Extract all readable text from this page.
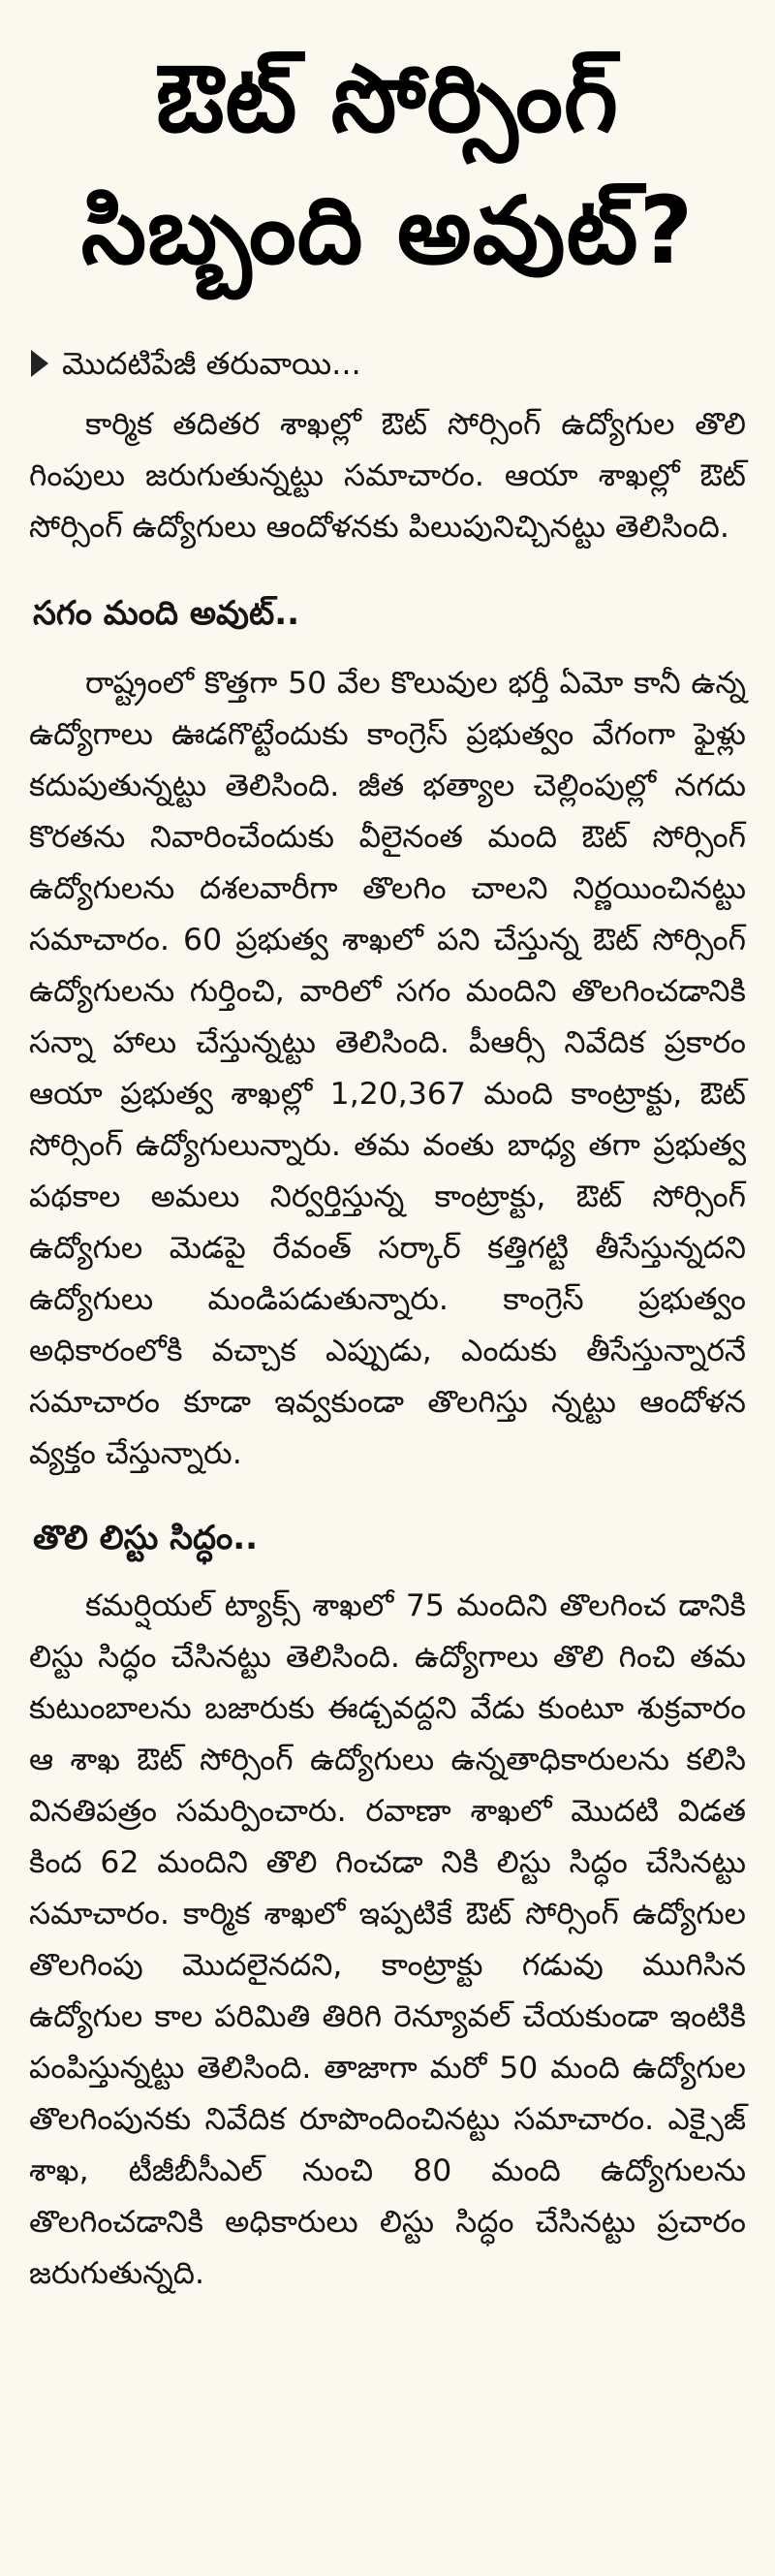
ఔట్ సోర్సింగ్
సిబ్బంది అవుట్?
మొదటిపేజీ తరువాయి...

కార్మిక తదితర శాఖల్లో ఔట్ సోర్సింగ్ ఉద్యోగుల తొలి గింపులు జరుగుతున్నట్టు సమాచారం. ఆయా శాఖల్లో ఔట్ సోర్సింగ్ ఉద్యోగులు ఆందోళనకు పిలుపునిచ్చినట్టు తెలిసింది.

సగం మంది అవుట్..

రాష్ట్రంలో కొత్తగా 50 వేల కొలువుల భర్తీ ఏమో కానీ ఉన్న ఉద్యోగాలు ఊడగొట్టేందుకు కాంగ్రెస్ ప్రభుత్వం వేగంగా ఫైళ్లు కదుపుతున్నట్టు తెలిసింది. జీత భత్యాల చెల్లింపుల్లో నగదు కొరతను నివారించేందుకు వీలైనంత మంది ఔట్ సోర్సింగ్ ఉద్యోగులను దశలవారీగా తొలగిం చాలని నిర్ణయించినట్టు సమాచారం. 60 ప్రభుత్వ శాఖలో పని చేస్తున్న ఔట్ సోర్సింగ్ ఉద్యోగులను గుర్తించి, వారిలో సగం మందిని తొలగించడానికి సన్నా హాలు చేస్తున్నట్టు తెలిసింది. పీఆర్సీ నివేదిక ప్రకారం ఆయా ప్రభుత్వ శాఖల్లో 1,20,367 మంది కాంట్రాక్టు, ఔట్ సోర్సింగ్ ఉద్యోగులున్నారు. తమ వంతు బాధ్య తగా ప్రభుత్వ పథకాల అమలు నిర్వర్తిస్తున్న కాంట్రాక్టు, ఔట్ సోర్సింగ్ ఉద్యోగుల మెడపై రేవంత్ సర్కార్ కత్తిగట్టి తీసేస్తున్నదని ఉద్యోగులు మండిపడుతున్నారు. కాంగ్రెస్ ప్రభుత్వం అధికారంలోకి వచ్చాక ఎప్పుడు, ఎందుకు తీసేస్తున్నారనే సమాచారం కూడా ఇవ్వకుండా తొలగిస్తు న్నట్టు ఆందోళన వ్యక్తం చేస్తున్నారు.

తొలి లిస్టు సిద్ధం..

కమర్షియల్ ట్యాక్స్ శాఖలో 75 మందిని తొలగించ డానికి లిస్టు సిద్ధం చేసినట్టు తెలిసింది. ఉద్యోగాలు తొలి గించి తమ కుటుంబాలను బజారుకు ఈడ్చవద్దని వేడు కుంటూ శుక్రవారం ఆ శాఖ ఔట్ సోర్సింగ్ ఉద్యోగులు ఉన్నతాధికారులను కలిసి వినతిపత్రం సమర్పించారు. రవాణా శాఖలో మొదటి విడత కింద 62 మందిని తొలి గించడా నికి లిస్టు సిద్ధం చేసినట్టు సమాచారం. కార్మిక శాఖలో ఇప్పటికే ఔట్ సోర్సింగ్ ఉద్యోగుల తొలగింపు మొదలైనదని, కాంట్రాక్టు గడువు ముగిసిన ఉద్యోగుల కాల పరిమితి తిరిగి రెన్యూవల్ చేయకుండా ఇంటికి పంపిస్తున్నట్టు తెలిసింది. తాజాగా మరో 50 మంది ఉద్యోగుల తొలగింపునకు నివేదిక రూపొందించినట్టు సమాచారం. ఎక్సైజ్ శాఖ, టీజీబీసీఎల్ నుంచి 80 మంది ఉద్యోగులను తొలగించడానికి అధికారులు లిస్టు సిద్ధం చేసినట్టు ప్రచారం జరుగుతున్నది.
